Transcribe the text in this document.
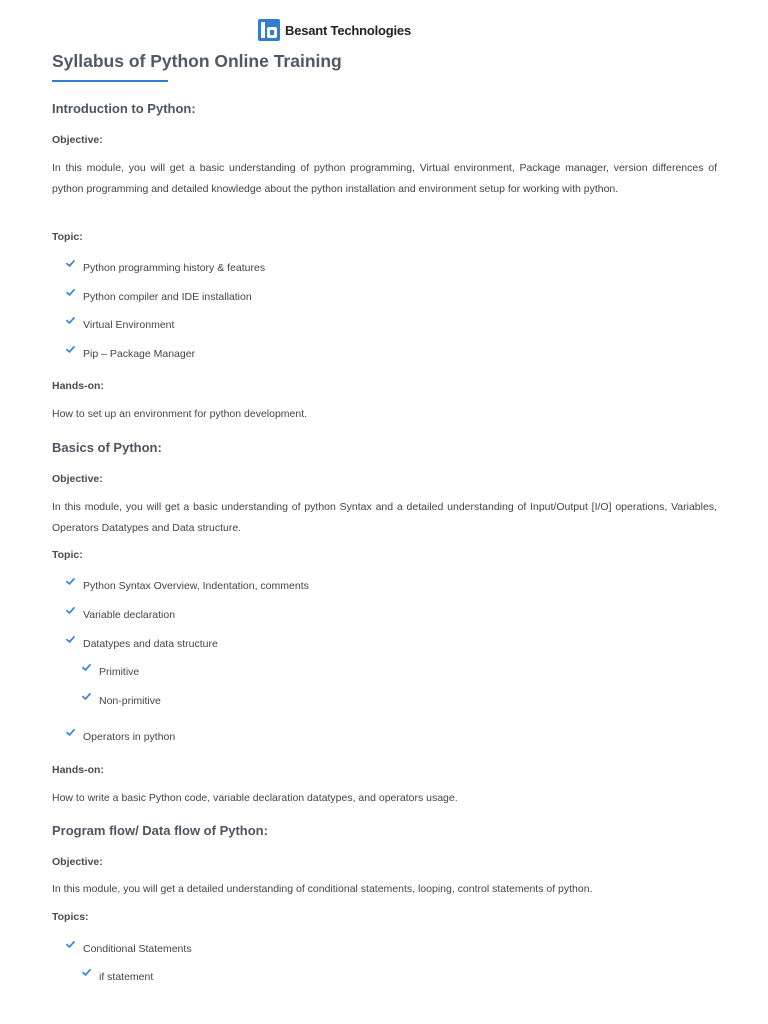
Besant Technologies
Syllabus of Python Online Training
Introduction to Python:
Objective:
In this module, you will get a basic understanding of python programming, Virtual environment, Package manager, version differences of python programming and detailed knowledge about the python installation and environment setup for working with python.
Topic:
Python programming history & features
Python compiler and IDE installation
Virtual Environment
Pip – Package Manager
Hands-on:
How to set up an environment for python development.
Basics of Python:
Objective:
In this module, you will get a basic understanding of python Syntax and a detailed understanding of Input/Output [I/O] operations, Variables, Operators Datatypes and Data structure.
Topic:
Python Syntax Overview, Indentation, comments
Variable declaration
Datatypes and data structure
Primitive
Non-primitive
Operators in python
Hands-on:
How to write a basic Python code, variable declaration datatypes, and operators usage.
Program flow/ Data flow of Python:
Objective:
In this module, you will get a detailed understanding of conditional statements, looping, control statements of python.
Topics:
Conditional Statements
if statement
